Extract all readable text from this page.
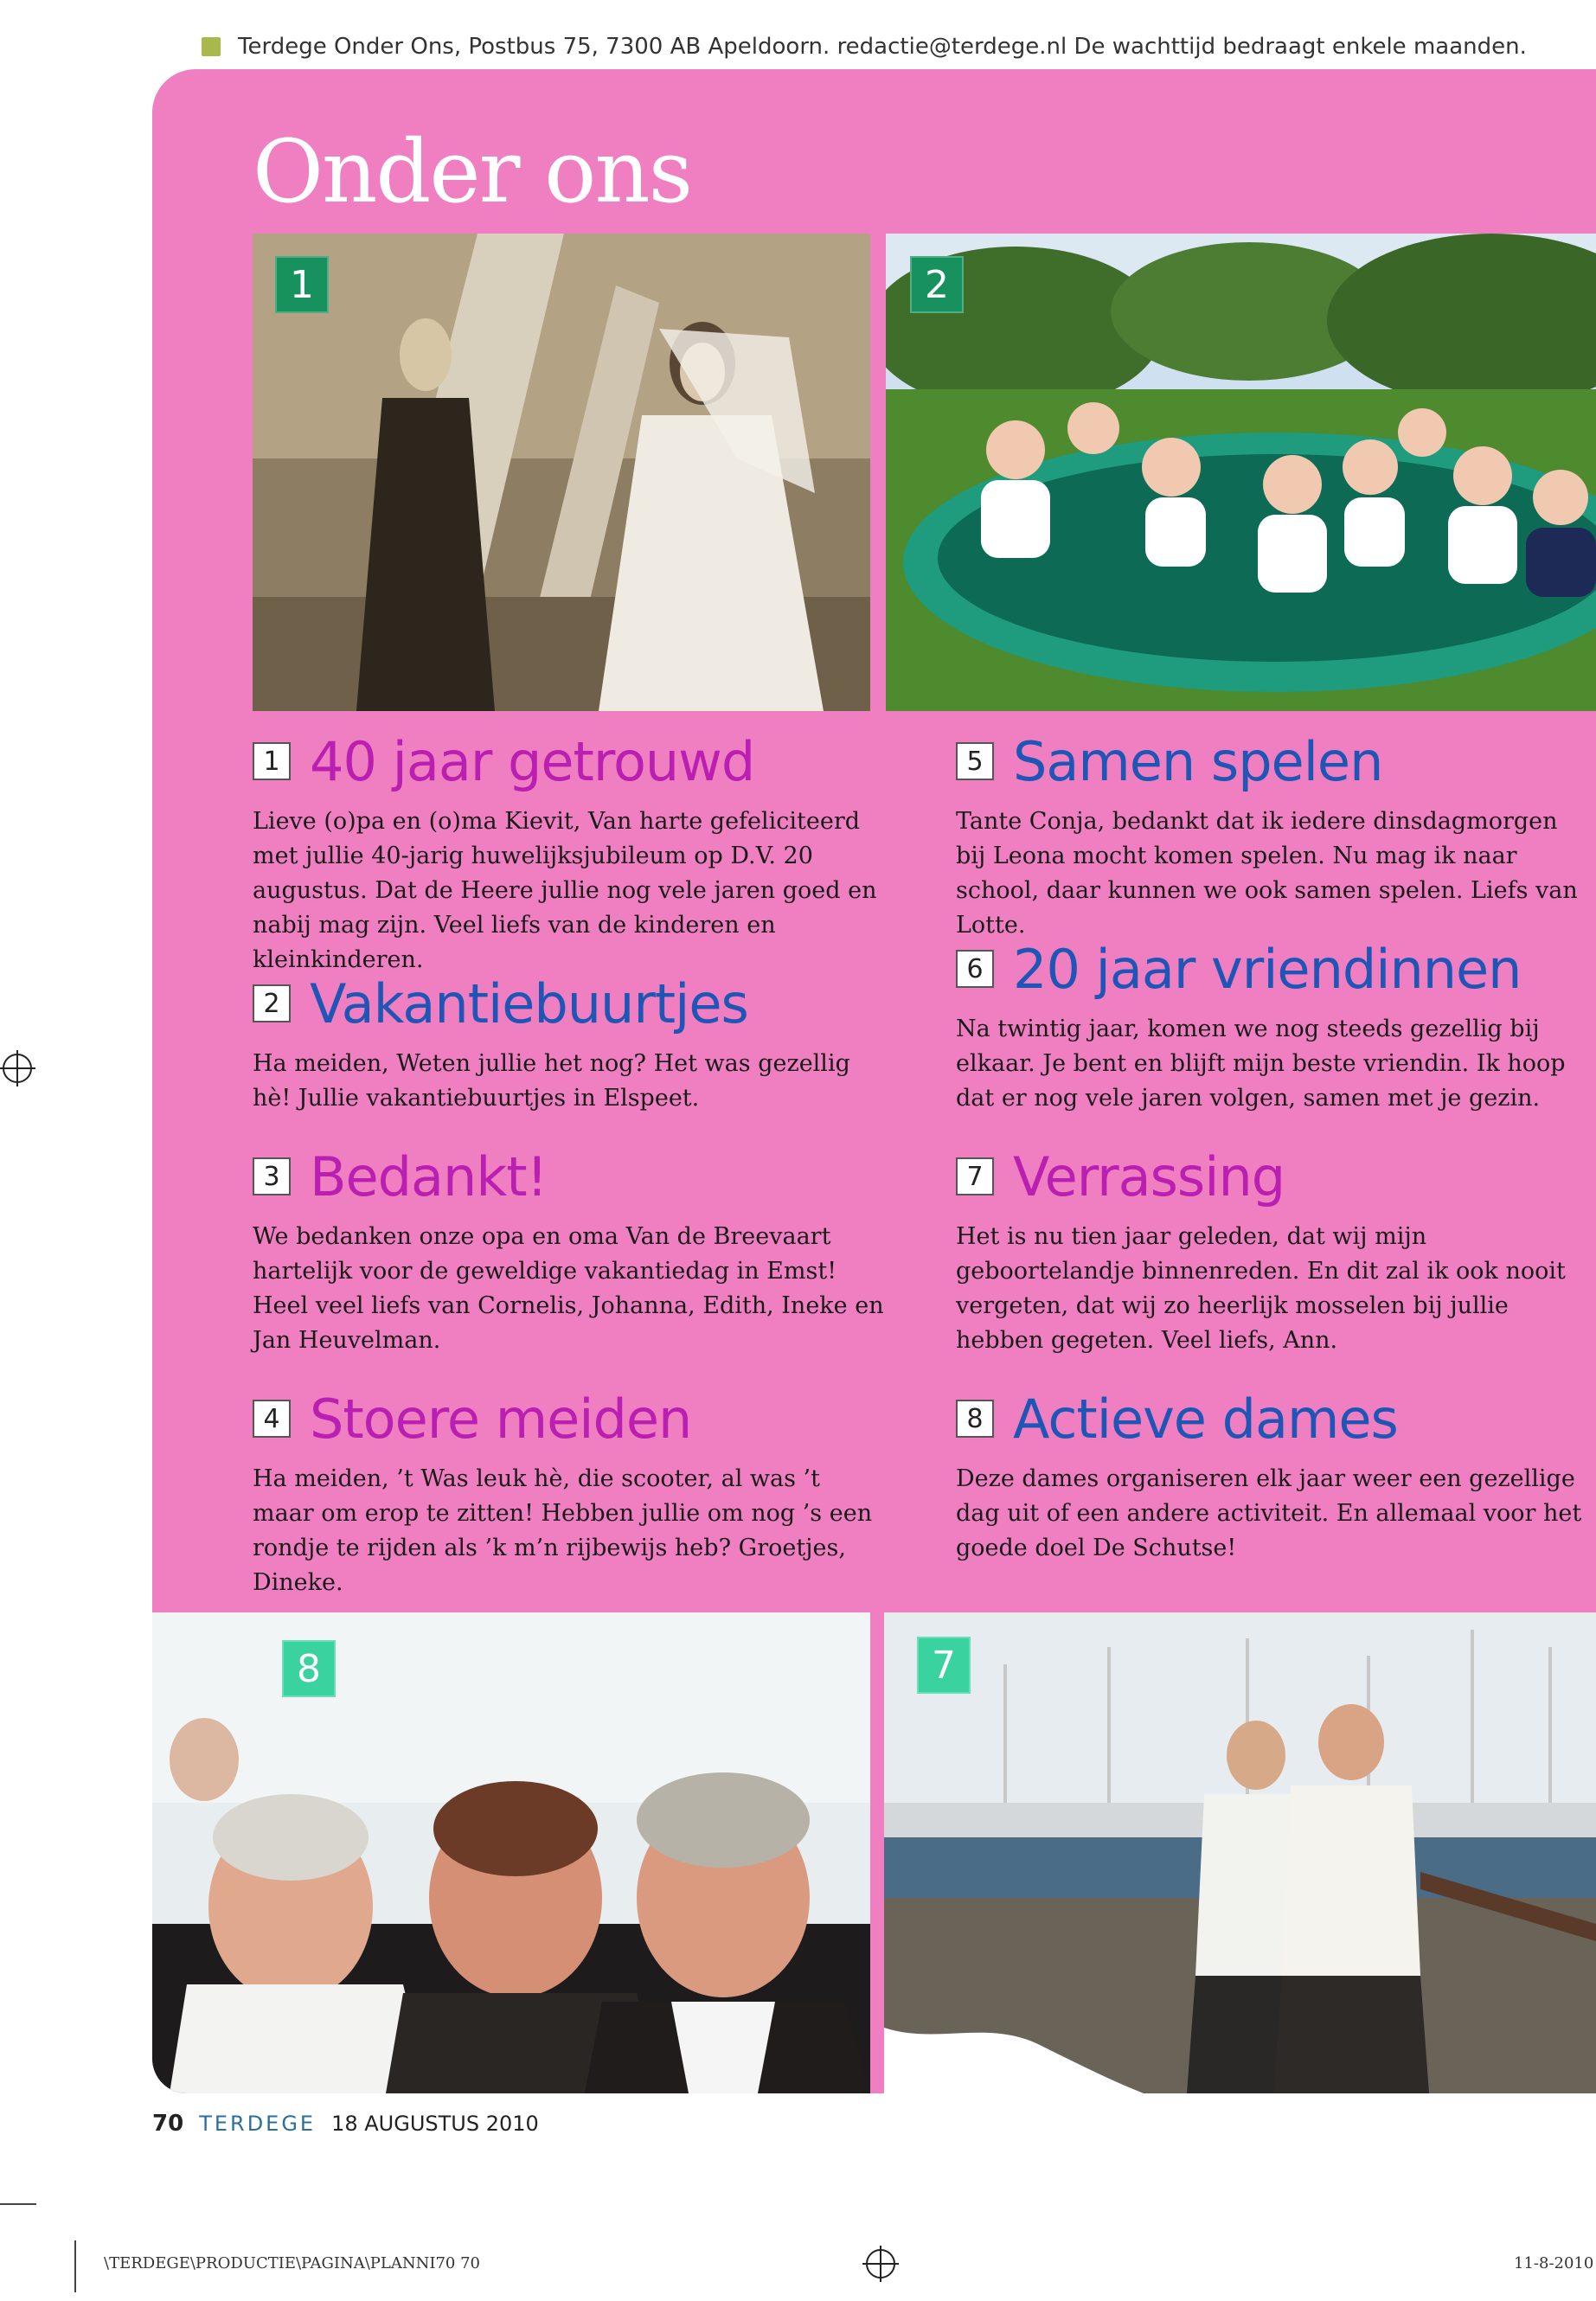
Terdege Onder Ons, Postbus 75, 7300 AB Apeldoorn. redactie@terdege.nl De wachttijd bedraagt enkele maanden.
Onder ons
1	2
1 40 jaar getrouwd
Lieve (o)pa en (o)ma Kievit, Van harte gefeliciteerd met jullie 40-jarig huwelijksjubileum op D.V. 20 augustus. Dat de Heere jullie nog vele jaren goed en nabij mag zijn. Veel liefs van de kinderen en kleinkinderen.
2 Vakantiebuurtjes
Ha meiden, Weten jullie het nog? Het was gezellig hè! Jullie vakantiebuurtjes in Elspeet.
3 Bedankt!
We bedanken onze opa en oma Van de Breevaart hartelijk voor de geweldige vakantiedag in Emst! Heel veel liefs van Cornelis, Johanna, Edith, Ineke en Jan Heuvelman.
4 Stoere meiden
Ha meiden, ’t Was leuk hè, die scooter, al was ’t maar om erop te zitten! Hebben jullie om nog ’s een rondje te rijden als ’k m’n rijbewijs heb? Groetjes, Dineke.
5 Samen spelen
Tante Conja, bedankt dat ik iedere dinsdagmorgen bij Leona mocht komen spelen. Nu mag ik naar school, daar kunnen we ook samen spelen. Liefs van Lotte.
6 20 jaar vriendinnen
Na twintig jaar, komen we nog steeds gezellig bij elkaar. Je bent en blijft mijn beste vriendin. Ik hoop dat er nog vele jaren volgen, samen met je gezin.
7 Verrassing
Het is nu tien jaar geleden, dat wij mijn geboortelandje binnenreden. En dit zal ik ook nooit vergeten, dat wij zo heerlijk mosselen bij jullie hebben gegeten. Veel liefs, Ann.
8 Actieve dames
Deze dames organiseren elk jaar weer een gezellige dag uit of een andere activiteit. En allemaal voor het goede doel De Schutse!
8	7
70 TERDEGE 18 AUGUSTUS 2010
\TERDEGE\PRODUCTIE\PAGINA\PLANNI70 70	11-8-2010
